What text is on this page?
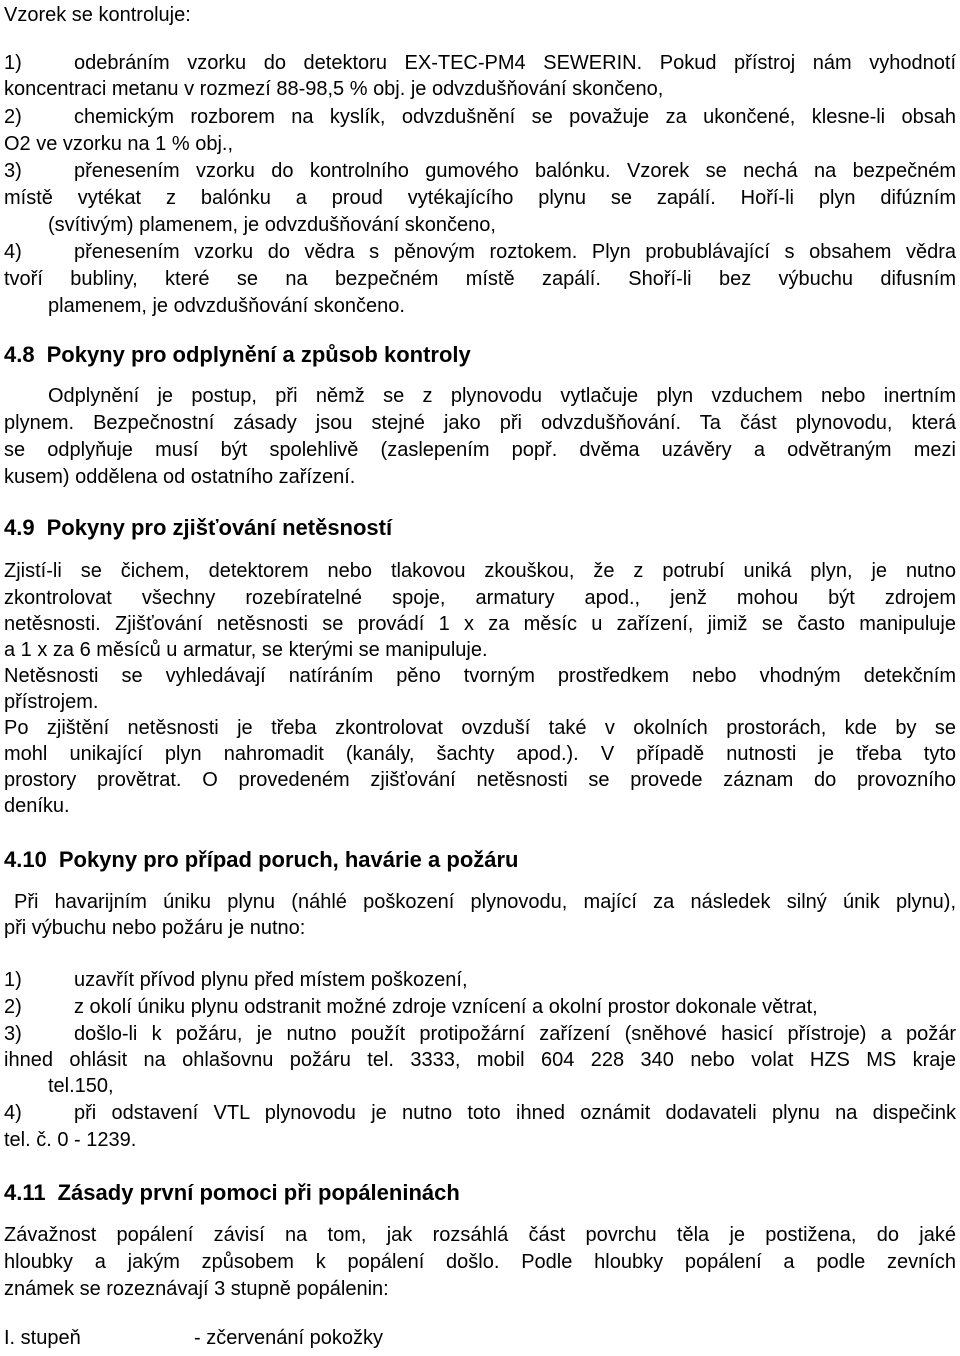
Vzorek se kontroluje:
1)	odebráním vzorku do detektoru EX-TEC-PM4 SEWERIN. Pokud přístroj nám vyhodnotí
koncentraci metanu v rozmezí 88-98,5 % obj. je odvzdušňování skončeno,
2)	chemickým rozborem na kyslík, odvzdušnění se považuje za ukončené, klesne-li obsah
O2 ve vzorku na 1 % obj.,
3)	přenesením vzorku do kontrolního gumového balónku. Vzorek se nechá na bezpečném
místě vytékat z balónku a proud vytékajícího plynu se zapálí. Hoří-li plyn difúzním
(svítivým) plamenem, je odvzdušňování skončeno,
4)	přenesením vzorku do vědra s pěnovým roztokem. Plyn probublávající s obsahem vědra
tvoří bubliny, které se na bezpečném místě zapálí. Shoří-li bez výbuchu difusním
plamenem, je odvzdušňování skončeno.
4.8 Pokyny pro odplynění a způsob kontroly
Odplynění je postup, při němž se z plynovodu vytlačuje plyn vzduchem nebo inertním
plynem. Bezpečnostní zásady jsou stejné jako při odvzdušňování. Ta část plynovodu, která
se odplyňuje musí být spolehlivě (zaslepením popř. dvěma uzávěry a odvětraným mezi
kusem) oddělena od ostatního zařízení.
4.9 Pokyny pro zjišťování netěsností
Zjistí-li se čichem, detektorem nebo tlakovou zkouškou, že z potrubí uniká plyn, je nutno
zkontrolovat všechny rozebíratelné spoje, armatury apod., jenž mohou být zdrojem
netěsnosti. Zjišťování netěsnosti se provádí 1 x za měsíc u zařízení, jimiž se často manipuluje
a 1 x za 6 měsíců u armatur, se kterými se manipuluje.
Netěsnosti se vyhledávají natíráním pěno tvorným prostředkem nebo vhodným detekčním
přístrojem.
Po zjištění netěsnosti je třeba zkontrolovat ovzduší také v okolních prostorách, kde by se
mohl unikající plyn nahromadit (kanály, šachty apod.). V případě nutnosti je třeba tyto
prostory provětrat. O provedeném zjišťování netěsnosti se provede záznam do provozního
deníku.
4.10 Pokyny pro případ poruch, havárie a požáru
Při havarijním úniku plynu (náhlé poškození plynovodu, mající za následek silný únik plynu),
při výbuchu nebo požáru je nutno:
1)	uzavřít přívod plynu před místem poškození,
2)	z okolí úniku plynu odstranit možné zdroje vznícení a okolní prostor dokonale větrat,
3)	došlo-li k požáru, je nutno použít protipožární zařízení (sněhové hasicí přístroje) a požár
ihned ohlásit na ohlašovnu požáru tel. 3333, mobil 604 228 340 nebo volat HZS MS kraje
tel.150,
4)	při odstavení VTL plynovodu je nutno toto ihned oznámit dodavateli plynu na dispečink
tel. č. 0 - 1239.
4.11 Zásady první pomoci při popáleninách
Závažnost popálení závisí na tom, jak rozsáhlá část povrchu těla je postižena, do jaké
hloubky a jakým způsobem k popálení došlo. Podle hloubky popálení a podle zevních
známek se rozeznávají 3 stupně popálenin:
I. stupeň	- zčervenání pokožky
